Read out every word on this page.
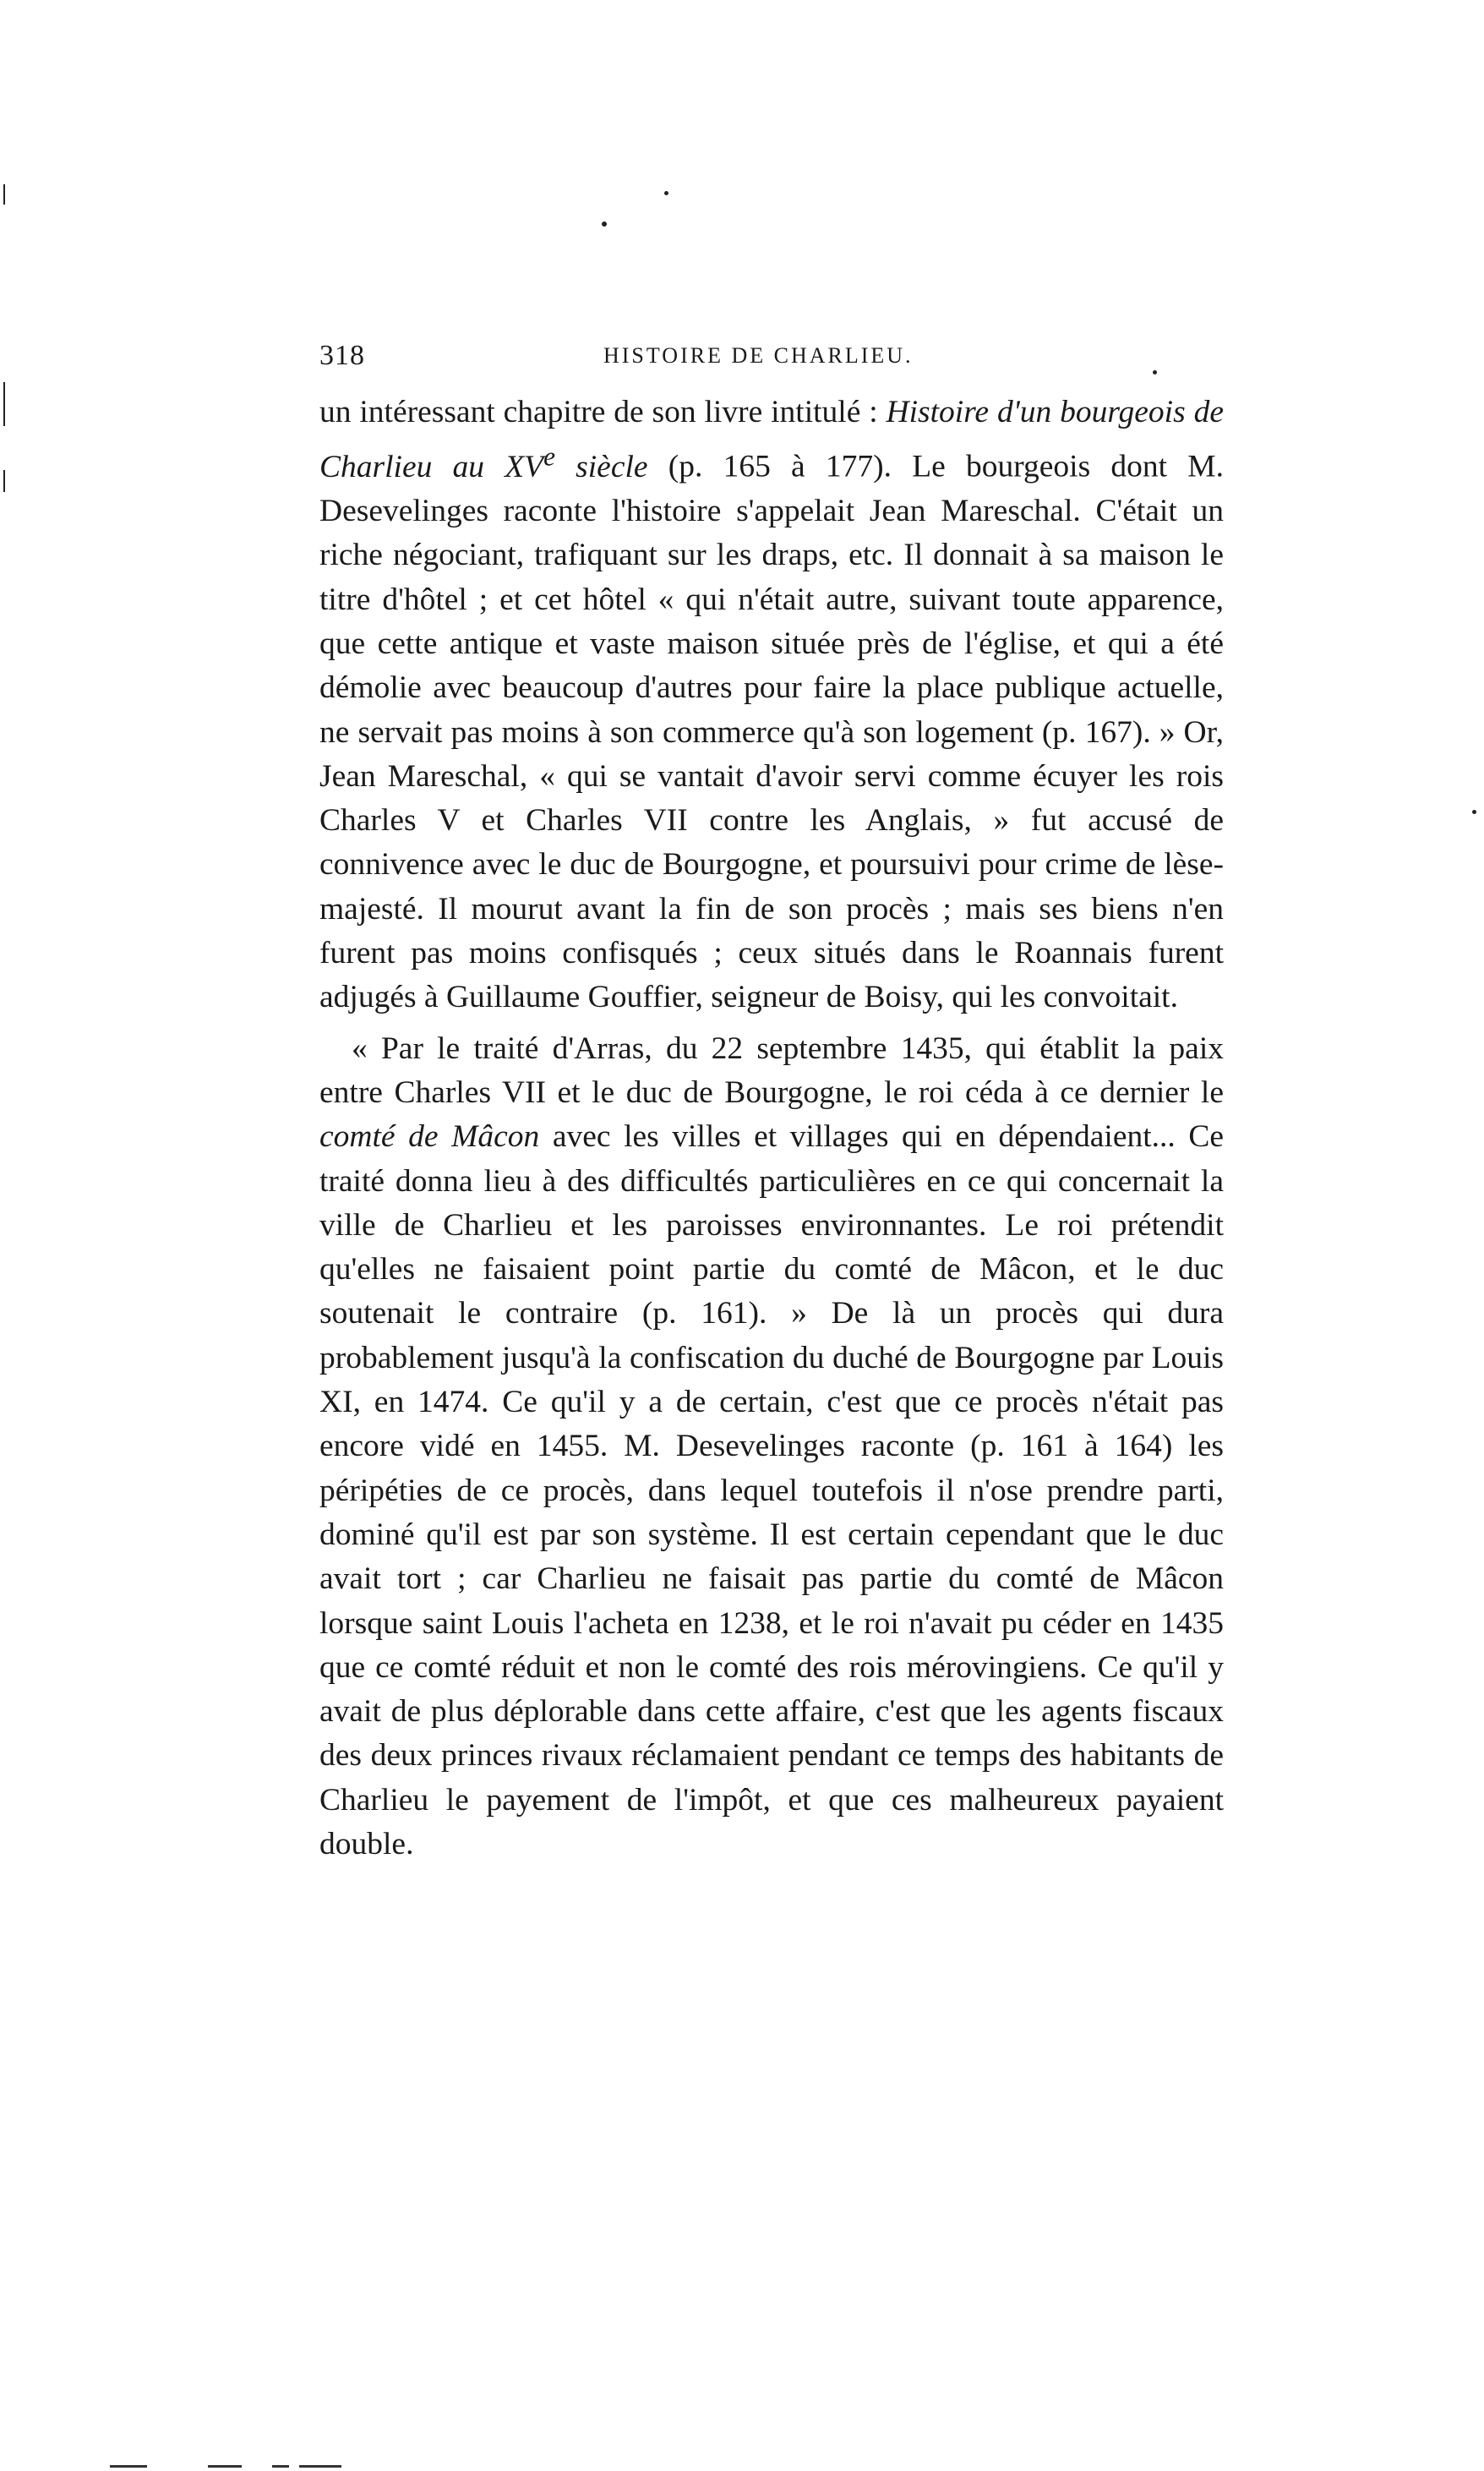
318	HISTOIRE DE CHARLIEU.

un intéressant chapitre de son livre intitulé : Histoire d'un bourgeois de Charlieu au XVe siècle (p. 165 à 177). Le bourgeois dont M. Desevelinges raconte l'histoire s'appelait Jean Mareschal. C'était un riche négociant, trafiquant sur les draps, etc. Il donnait à sa maison le titre d'hôtel ; et cet hôtel « qui n'était autre, suivant toute apparence, que cette antique et vaste maison située près de l'église, et qui a été démolie avec beaucoup d'autres pour faire la place publique actuelle, ne servait pas moins à son commerce qu'à son logement (p. 167). » Or, Jean Mareschal, « qui se vantait d'avoir servi comme écuyer les rois Charles V et Charles VII contre les Anglais, » fut accusé de connivence avec le duc de Bourgogne, et poursuivi pour crime de lèse-majesté. Il mourut avant la fin de son procès ; mais ses biens n'en furent pas moins confisqués ; ceux situés dans le Roannais furent adjugés à Guillaume Gouffier, seigneur de Boisy, qui les convoitait.

« Par le traité d'Arras, du 22 septembre 1435, qui établit la paix entre Charles VII et le duc de Bourgogne, le roi céda à ce dernier le comté de Mâcon avec les villes et villages qui en dépendaient... Ce traité donna lieu à des difficultés particulières en ce qui concernait la ville de Charlieu et les paroisses environnantes. Le roi prétendit qu'elles ne faisaient point partie du comté de Mâcon, et le duc soutenait le contraire (p. 161). » De là un procès qui dura probablement jusqu'à la confiscation du duché de Bourgogne par Louis XI, en 1474. Ce qu'il y a de certain, c'est que ce procès n'était pas encore vidé en 1455. M. Desevelinges raconte (p. 161 à 164) les péripéties de ce procès, dans lequel toutefois il n'ose prendre parti, dominé qu'il est par son système. Il est certain cependant que le duc avait tort ; car Charlieu ne faisait pas partie du comté de Mâcon lorsque saint Louis l'acheta en 1238, et le roi n'avait pu céder en 1435 que ce comté réduit et non le comté des rois mérovingiens. Ce qu'il y avait de plus déplorable dans cette affaire, c'est que les agents fiscaux des deux princes rivaux réclamaient pendant ce temps des habitants de Charlieu le payement de l'impôt, et que ces malheureux payaient double.
